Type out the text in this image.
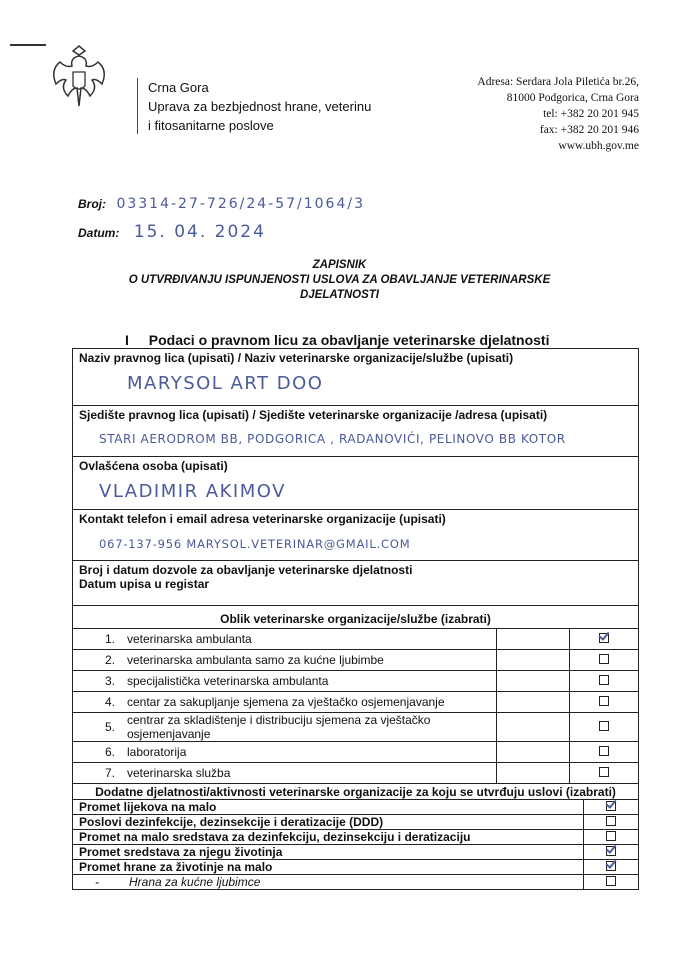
Crna Gora
Uprava za bezbjednost hrane, veterinu
i fitosanitarne poslove
Adresa: Serdara Jola Piletića br.26,
81000 Podgorica, Crna Gora
tel: +382 20 201 945
fax: +382 20 201 946
www.ubh.gov.me
Broj: 03314-27-726/24-57/1064/3
Datum: 15. 04. 2024
ZAPISNIK
O UTVRĐIVANJU ISPUNJENOSTI USLOVA ZA OBAVLJANJE VETERINARSKE
DJELATNOSTI
I Podaci o pravnom licu za obavljanje veterinarske djelatnosti
Naziv pravnog lica (upisati) / Naziv veterinarske organizacije/službe (upisati)
MARYSOL ART DOO
Sjedište pravnog lica (upisati) / Sjedište veterinarske organizacije /adresa (upisati)
STARI AERODROM BB, PODGORICA , RADANOVIĆI, PELINOVO BB KOTOR
Ovlašćena osoba (upisati)
VLADIMIR AKIMOV
Kontakt telefon i email adresa veterinarske organizacije (upisati)
067-137-956 MARYSOL.VETERINAR@GMAIL.COM
Broj i datum dozvole za obavljanje veterinarske djelatnosti
Datum upisa u registar
Oblik veterinarske organizacije/službe (izabrati)
1.	veterinarska ambulanta		
2.	veterinarska ambulanta samo za kućne ljubimbe		
3.	specijalistička veterinarska ambulanta		
4.	centar za sakupljanje sjemena za vještačko osjemenjavanje		
5.	centrar za skladištenje i distribuciju sjemena za vještačko osjemenjavanje		
6.	laboratorija		
7.	veterinarska služba		
Dodatne djelatnosti/aktivnosti veterinarske organizacije za koju se utvrđuju uslovi (izabrati)	
Promet lijekova na malo	
Poslovi dezinfekcije, dezinsekcije i deratizacije (DDD)	
Promet na malo sredstava za dezinfekciju, dezinsekciju i deratizaciju	
Promet sredstava za njegu životinja	
Promet hrane za životinje na malo	
- Hrana za kućne ljubimce	
